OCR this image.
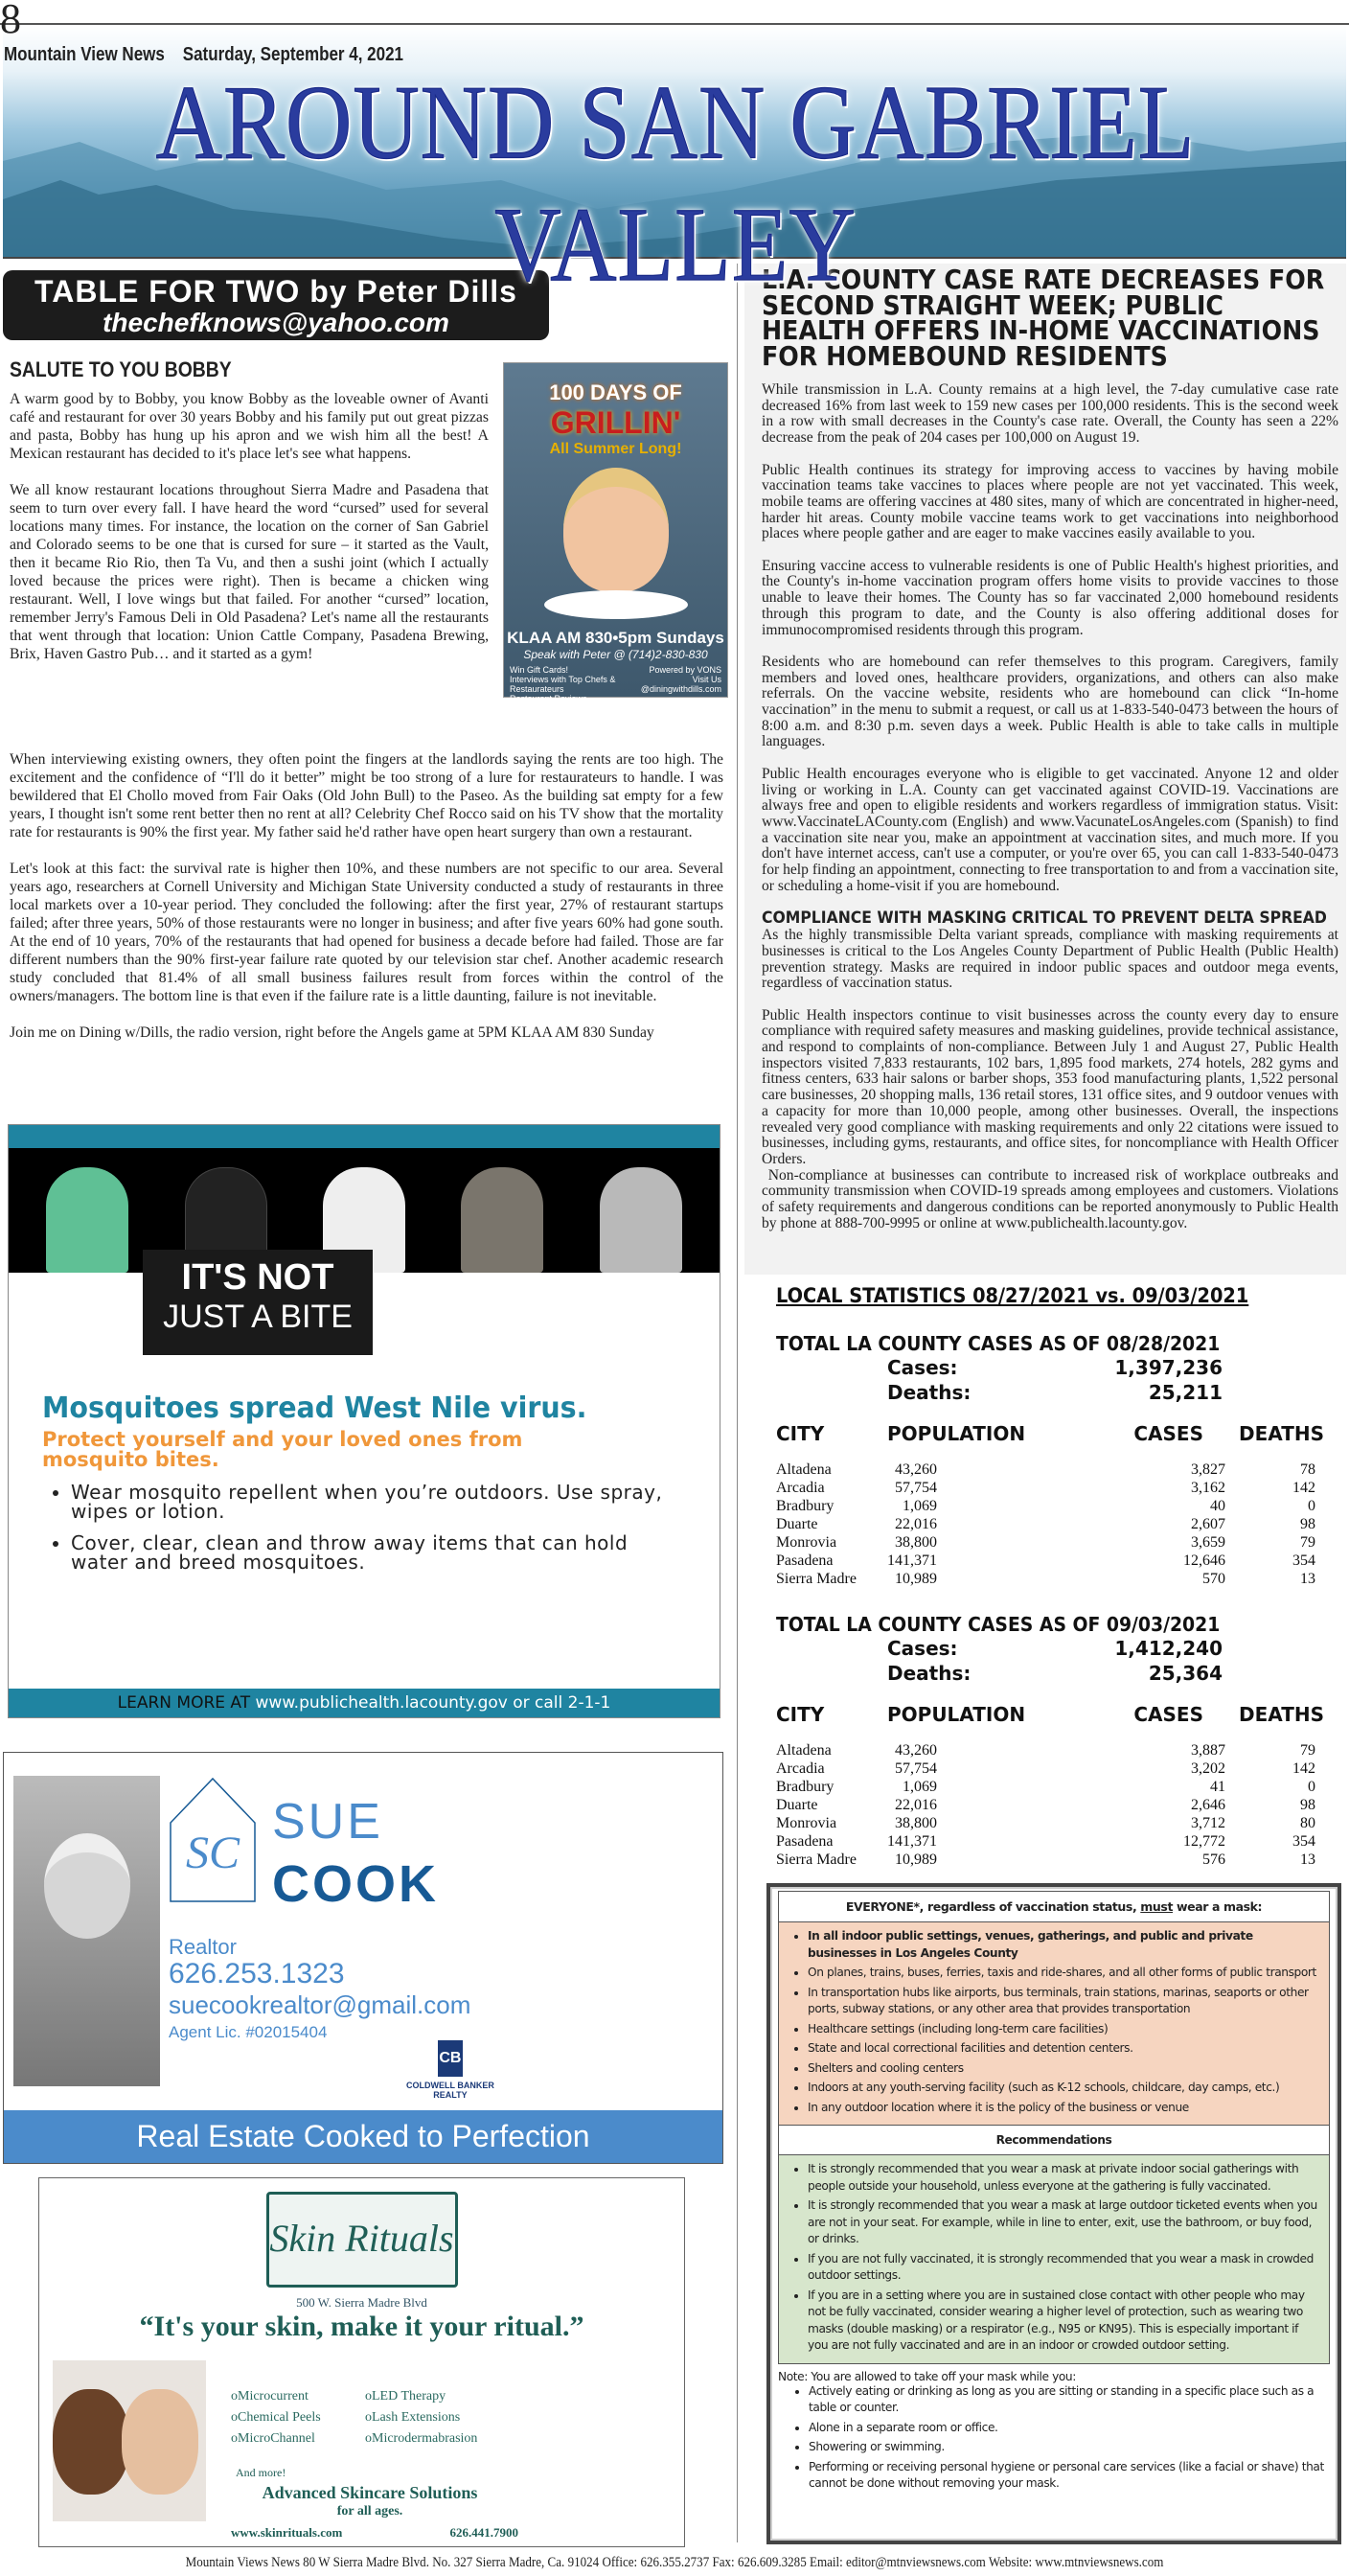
8
Mountain View News Saturday, September 4, 2021
AROUND SAN GABRIEL VALLEY
TABLE FOR TWO by Peter Dills
thechefknows@yahoo.com
SALUTE TO YOU BOBBY

A warm good by to Bobby, you know Bobby as the loveable owner of Avanti café and restaurant for over 30 years Bobby and his family put out great pizzas and pasta, Bobby has hung up his apron and we wish him all the best! A Mexican restaurant has decided to it's place let's see what happens.

We all know restaurant locations throughout Sierra Madre and Pasadena that seem to turn over every fall. I have heard the word “cursed” used for several locations many times. For instance, the location on the corner of San Gabriel and Colorado seems to be one that is cursed for sure – it started as the Vault, then it became Rio Rio, then Ta Vu, and then a sushi joint (which I actually loved because the prices were right). Then is became a chicken wing restaurant. Well, I love wings but that failed. For another “cursed” location, remember Jerry's Famous Deli in Old Pasadena? Let's name all the restaurants that went through that location: Union Cattle Company, Pasadena Brewing, Brix, Haven Gastro Pub… and it started as a gym!

100 DAYS OF
GRILLIN'
All Summer Long!
KLAA AM 830•5pm Sundays
Speak with Peter @ (714)2-830-830
Win Gift Cards!
Interviews with Top Chefs & Restaurateurs
Restaurant Reviews
Powered by VONS
Visit Us @diningwithdills.com

When interviewing existing owners, they often point the fingers at the landlords saying the rents are too high. The excitement and the confidence of “I'll do it better” might be too strong of a lure for restaurateurs to handle. I was bewildered that El Chollo moved from Fair Oaks (Old John Bull) to the Paseo. As the building sat empty for a few years, I thought isn't some rent better then no rent at all? Celebrity Chef Rocco said on his TV show that the mortality rate for restaurants is 90% the first year. My father said he'd rather have open heart surgery than own a restaurant.

Let's look at this fact: the survival rate is higher then 10%, and these numbers are not specific to our area. Several years ago, researchers at Cornell University and Michigan State University conducted a study of restaurants in three local markets over a 10-year period. They concluded the following: after the first year, 27% of restaurant startups failed; after three years, 50% of those restaurants were no longer in business; and after five years 60% had gone south. At the end of 10 years, 70% of the restaurants that had opened for business a decade before had failed. Those are far different numbers than the 90% first-year failure rate quoted by our television star chef. Another academic research study concluded that 81.4% of all small business failures result from forces within the control of the owners/managers. The bottom line is that even if the failure rate is a little daunting, failure is not inevitable.

Join me on Dining w/Dills, the radio version, right before the Angels game at 5PM KLAA AM 830 Sunday

IT'S NOT
JUST A BITE
Mosquitoes spread West Nile virus.
Protect yourself and your loved ones from mosquito bites.
• Wear mosquito repellent when you’re outdoors. Use spray, wipes or lotion.
• Cover, clear, clean and throw away items that can hold water and breed mosquitoes.
LEARN MORE AT www.publichealth.lacounty.gov or call 2-1-1
SC
SUE
COOK
Realtor
626.253.1323
suecookrealtor@gmail.com
Agent Lic. #02015404
CB
COLDWELL BANKER
REALTY
Real Estate Cooked to Perfection
Skin Rituals
500 W. Sierra Madre Blvd
“It's your skin, make it your ritual.”
oMicrocurrent	oLED Therapy
oChemical Peels	oLash Extensions
oMicroChannel	oMicrodermabrasion
And more!
Advanced Skincare Solutions
for all ages.
www.skinrituals.com	626.441.7900
L.A. COUNTY CASE RATE DECREASES FOR SECOND STRAIGHT WEEK; PUBLIC HEALTH OFFERS IN-HOME VACCINATIONS FOR HOMEBOUND RESIDENTS

While transmission in L.A. County remains at a high level, the 7-day cumulative case rate decreased 16% from last week to 159 new cases per 100,000 residents. This is the second week in a row with small decreases in the County's case rate. Overall, the County has seen a 22% decrease from the peak of 204 cases per 100,000 on August 19.

Public Health continues its strategy for improving access to vaccines by having mobile vaccination teams take vaccines to places where people are not yet vaccinated. This week, mobile teams are offering vaccines at 480 sites, many of which are concentrated in higher-need, harder hit areas. County mobile vaccine teams work to get vaccinations into neighborhood places where people gather and are eager to make vaccines easily available to you.

Ensuring vaccine access to vulnerable residents is one of Public Health's highest priorities, and the County's in-home vaccination program offers home visits to provide vaccines to those unable to leave their homes. The County has so far vaccinated 2,000 homebound residents through this program to date, and the County is also offering additional doses for immunocompromised residents through this program.

Residents who are homebound can refer themselves to this program. Caregivers, family members and loved ones, healthcare providers, organizations, and others can also make referrals. On the vaccine website, residents who are homebound can click “In-home vaccination” in the menu to submit a request, or call us at 1-833-540-0473 between the hours of 8:00 a.m. and 8:30 p.m. seven days a week. Public Health is able to take calls in multiple languages.

Public Health encourages everyone who is eligible to get vaccinated. Anyone 12 and older living or working in L.A. County can get vaccinated against COVID-19. Vaccinations are always free and open to eligible residents and workers regardless of immigration status. Visit: www.VaccinateLACounty.com (English) and www.VacunateLosAngeles.com (Spanish) to find a vaccination site near you, make an appointment at vaccination sites, and much more. If you don't have internet access, can't use a computer, or you're over 65, you can call 1-833-540-0473 for help finding an appointment, connecting to free transportation to and from a vaccination site, or scheduling a home-visit if you are homebound.

COMPLIANCE WITH MASKING CRITICAL TO PREVENT DELTA SPREAD

As the highly transmissible Delta variant spreads, compliance with masking requirements at businesses is critical to the Los Angeles County Department of Public Health (Public Health) prevention strategy. Masks are required in indoor public spaces and outdoor mega events, regardless of vaccination status.

Public Health inspectors continue to visit businesses across the county every day to ensure compliance with required safety measures and masking guidelines, provide technical assistance, and respond to complaints of non-compliance. Between July 1 and August 27, Public Health inspectors visited 7,833 restaurants, 102 bars, 1,895 food markets, 274 hotels, 282 gyms and fitness centers, 633 hair salons or barber shops, 353 food manufacturing plants, 1,522 personal care businesses, 20 shopping malls, 136 retail stores, 131 office sites, and 9 outdoor venues with a capacity for more than 10,000 people, among other businesses. Overall, the inspections revealed very good compliance with masking requirements and only 22 citations were issued to businesses, including gyms, restaurants, and office sites, for noncompliance with Health Officer Orders.

Non-compliance at businesses can contribute to increased risk of workplace outbreaks and community transmission when COVID-19 spreads among employees and customers. Violations of safety requirements and dangerous conditions can be reported anonymously to Public Health by phone at 888-700-9995 or online at www.publichealth.lacounty.gov.

LOCAL STATISTICS 08/27/2021 vs. 09/03/2021
TOTAL LA COUNTY CASES AS OF 08/28/2021
Cases:	1,397,236
Deaths:	25,211
CITY	POPULATION	CASES	DEATHS
Altadena	43,260	3,827	78
Arcadia	57,754	3,162	142
Bradbury	1,069	40	0
Duarte	22,016	2,607	98
Monrovia	38,800	3,659	79
Pasadena	141,371	12,646	354
Sierra Madre	10,989	570	13
TOTAL LA COUNTY CASES AS OF 09/03/2021
Cases:	1,412,240
Deaths:	25,364
CITY	POPULATION	CASES	DEATHS
Altadena	43,260	3,887	79
Arcadia	57,754	3,202	142
Bradbury	1,069	41	0
Duarte	22,016	2,646	98
Monrovia	38,800	3,712	80
Pasadena	141,371	12,772	354
Sierra Madre	10,989	576	13
EVERYONE*, regardless of vaccination status, must wear a mask:
• In all indoor public settings, venues, gatherings, and public and private businesses in Los Angeles County
• On planes, trains, buses, ferries, taxis and ride-shares, and all other forms of public transport
• In transportation hubs like airports, bus terminals, train stations, marinas, seaports or other ports, subway stations, or any other area that provides transportation
• Healthcare settings (including long-term care facilities)
• State and local correctional facilities and detention centers.
• Shelters and cooling centers
• Indoors at any youth-serving facility (such as K-12 schools, childcare, day camps, etc.)
• In any outdoor location where it is the policy of the business or venue
Recommendations
• It is strongly recommended that you wear a mask at private indoor social gatherings with people outside your household, unless everyone at the gathering is fully vaccinated.
• It is strongly recommended that you wear a mask at large outdoor ticketed events when you are not in your seat. For example, while in line to enter, exit, use the bathroom, or buy food, or drinks.
• If you are not fully vaccinated, it is strongly recommended that you wear a mask in crowded outdoor settings.
• If you are in a setting where you are in sustained close contact with other people who may not be fully vaccinated, consider wearing a higher level of protection, such as wearing two masks (double masking) or a respirator (e.g., N95 or KN95). This is especially important if you are not fully vaccinated and are in an indoor or crowded outdoor setting.
Note: You are allowed to take off your mask while you:
• Actively eating or drinking as long as you are sitting or standing in a specific place such as a table or counter.
• Alone in a separate room or office.
• Showering or swimming.
• Performing or receiving personal hygiene or personal care services (like a facial or shave) that cannot be done without removing your mask.
Mountain Views News 80 W Sierra Madre Blvd. No. 327 Sierra Madre, Ca. 91024 Office: 626.355.2737 Fax: 626.609.3285 Email: editor@mtnviewsnews.com Website: www.mtnviewsnews.com
